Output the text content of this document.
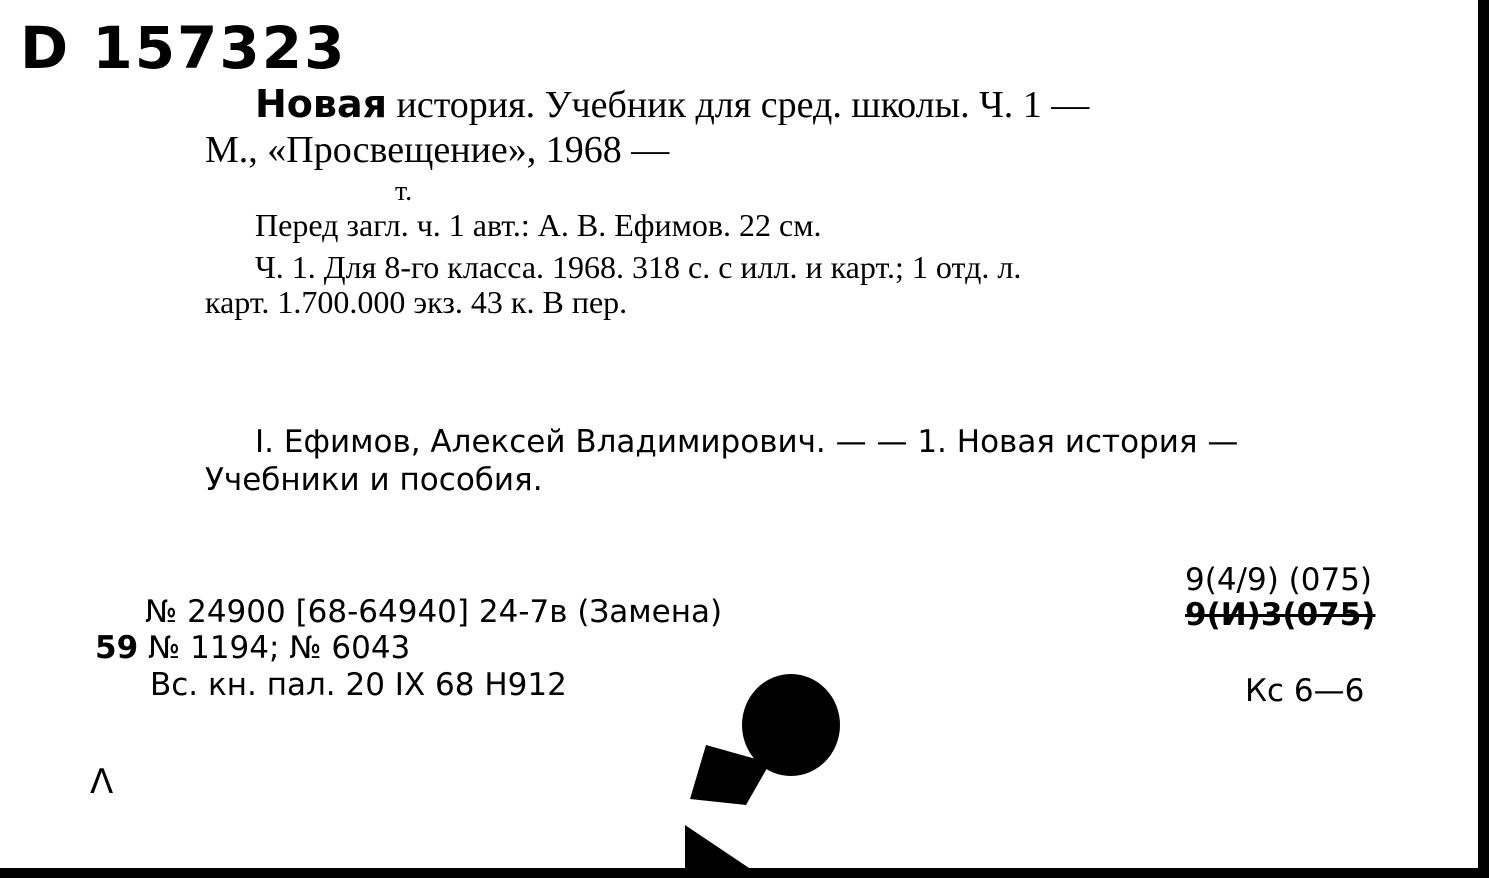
D 157323
Новая история. Учебник для сред. школы. Ч. 1 —
М., «Просвещение», 1968 —
т.
Перед загл. ч. 1 авт.: А. В. Ефимов. 22 см.
Ч. 1. Для 8-го класса. 1968. 318 с. с илл. и карт.; 1 отд. л.
карт. 1.700.000 экз. 43 к. В пер.
I. Ефимов, Алексей Владимирович. — — 1. Новая история —
Учебники и пособия.
9(4/9) (075)
№ 24900 [68-64940] 24-7в (Замена)	9(И)3(075)
59 № 1194; № 6043
Вс. кн. пал. 20 IX 68 Н912	Кс 6—6
Λ
